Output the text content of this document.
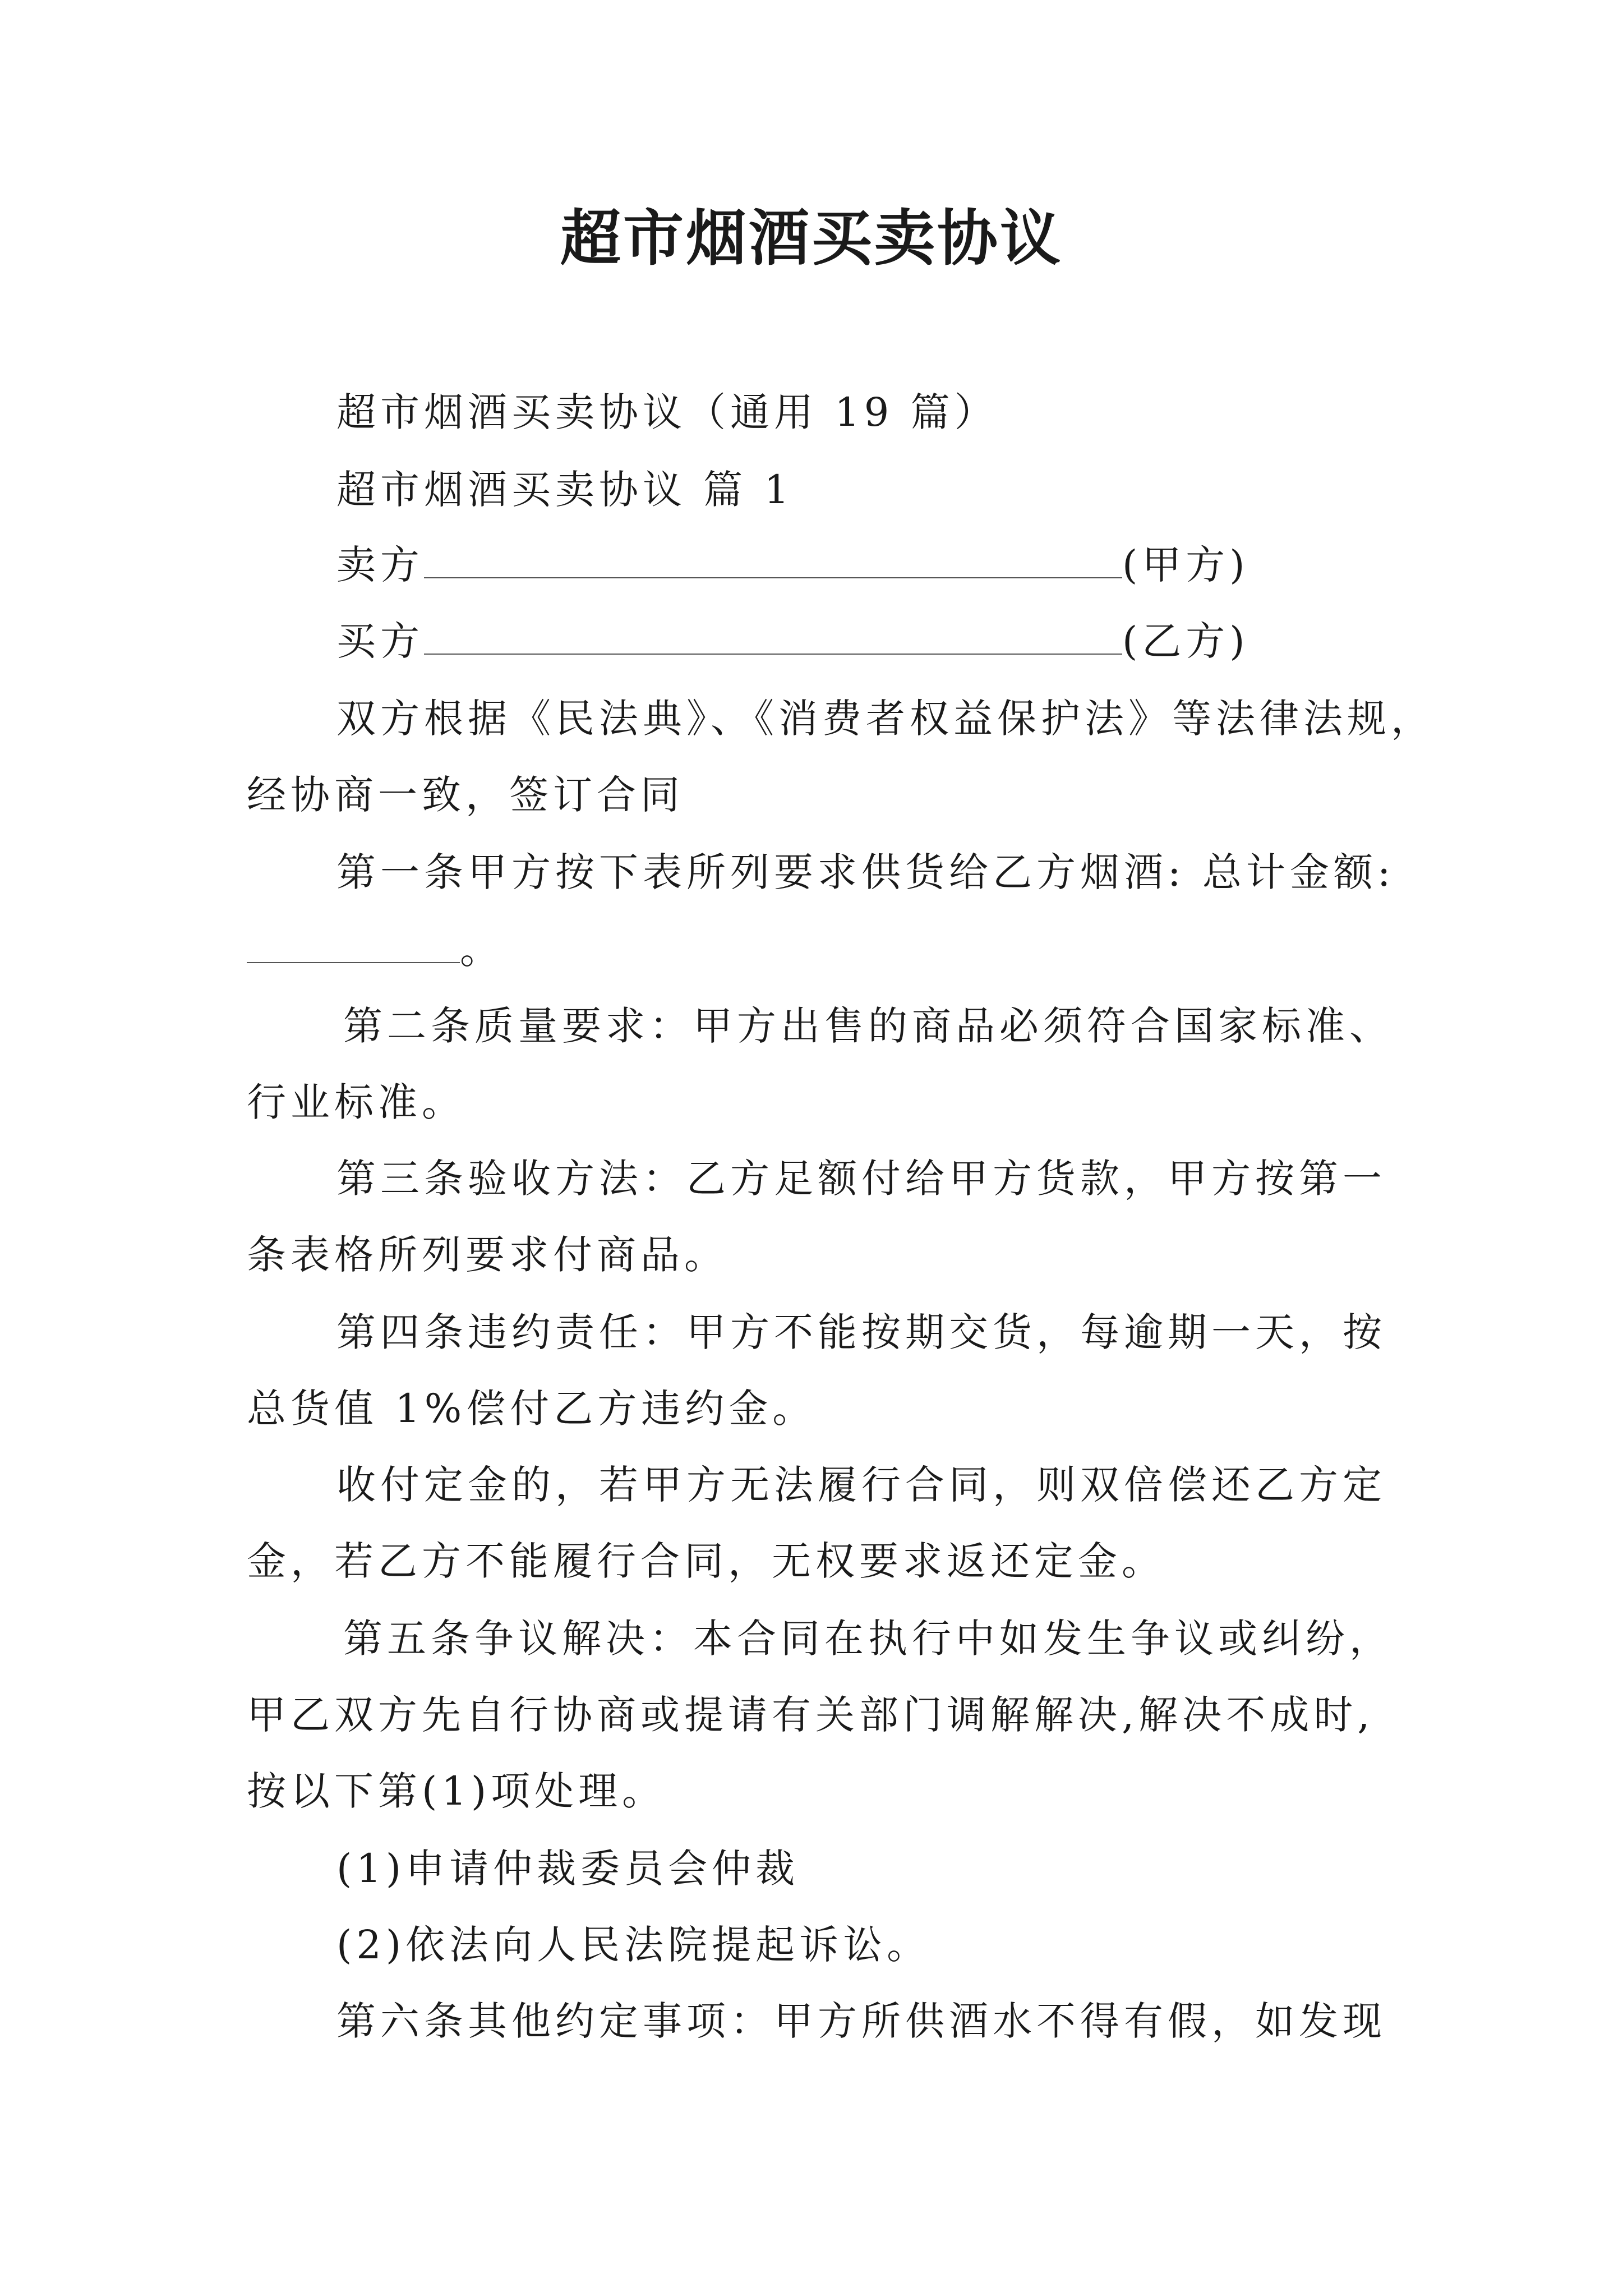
超市烟酒买卖协议
超市烟酒买卖协议（通用 19 篇）
超市烟酒买卖协议 篇 1
卖方	(甲方)
买方	(乙方)
双方根据《民法典》、《消费者权益保护法》等法律法规，
经协商一致，签订合同
第一条甲方按下表所列要求供货给乙方烟酒: 总计金额:
。
第二条质量要求：甲方出售的商品必须符合国家标准、
行业标准。
第三条验收方法：乙方足额付给甲方货款，甲方按第一
条表格所列要求付商品。
第四条违约责任：甲方不能按期交货，每逾期一天，按
总货值 1%偿付乙方违约金。
收付定金的，若甲方无法履行合同，则双倍偿还乙方定
金，若乙方不能履行合同，无权要求返还定金。
第五条争议解决：本合同在执行中如发生争议或纠纷，
甲乙双方先自行协商或提请有关部门调解解决,解决不成时,
按以下第(1)项处理。
(1)申请仲裁委员会仲裁
(2)依法向人民法院提起诉讼。
第六条其他约定事项：甲方所供酒水不得有假，如发现
